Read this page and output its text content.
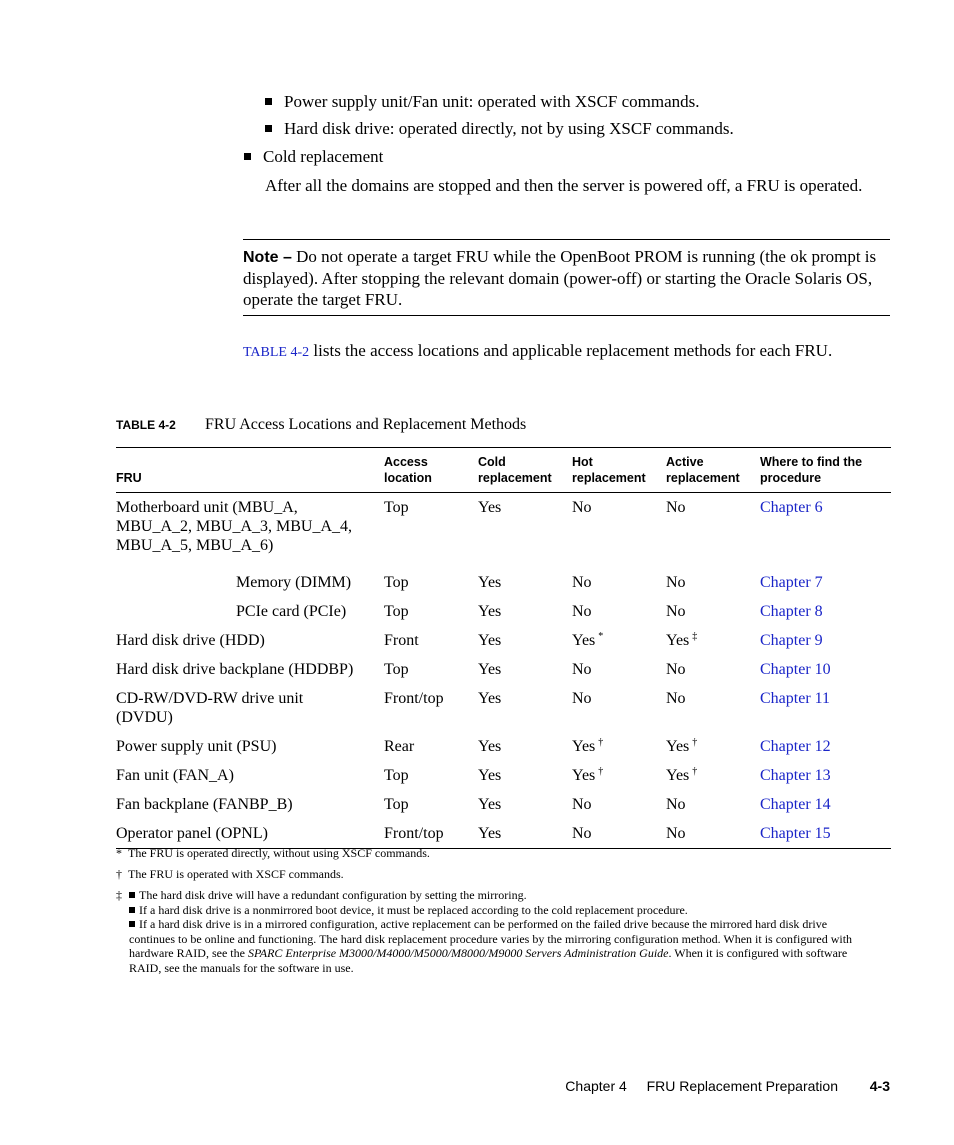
Power supply unit/Fan unit: operated with XSCF commands.
Hard disk drive: operated directly, not by using XSCF commands.
Cold replacement
After all the domains are stopped and then the server is powered off, a FRU is operated.
Note – Do not operate a target FRU while the OpenBoot PROM is running (the ok prompt is displayed). After stopping the relevant domain (power-off) or starting the Oracle Solaris OS, operate the target FRU.
TABLE 4-2 lists the access locations and applicable replacement methods for each FRU.
TABLE 4-2 FRU Access Locations and Replacement Methods
FRU	Access location	Cold replacement	Hot replacement	Active replacement	Where to find the procedure
Motherboard unit (MBU_A, MBU_A_2, MBU_A_3, MBU_A_4, MBU_A_5, MBU_A_6)	Top	Yes	No	No	Chapter 6
Memory (DIMM)	Top	Yes	No	No	Chapter 7
PCIe card (PCIe)	Top	Yes	No	No	Chapter 8
Hard disk drive (HDD)	Front	Yes	Yes *	Yes ‡	Chapter 9
Hard disk drive backplane (HDDBP)	Top	Yes	No	No	Chapter 10
CD-RW/DVD-RW drive unit (DVDU)	Front/top	Yes	No	No	Chapter 11
Power supply unit (PSU)	Rear	Yes	Yes †	Yes †	Chapter 12
Fan unit (FAN_A)	Top	Yes	Yes †	Yes †	Chapter 13
Fan backplane (FANBP_B)	Top	Yes	No	No	Chapter 14
Operator panel (OPNL)	Front/top	Yes	No	No	Chapter 15
* The FRU is operated directly, without using XSCF commands.
† The FRU is operated with XSCF commands.
‡	The hard disk drive will have a redundant configuration by setting the mirroring.
If a hard disk drive is a nonmirrored boot device, it must be replaced according to the cold replacement procedure.
If a hard disk drive is in a mirrored configuration, active replacement can be performed on the failed drive because the mirrored hard disk drive continues to be online and functioning. The hard disk replacement procedure varies by the mirroring configuration method. When it is configured with hardware RAID, see the SPARC Enterprise M3000/M4000/M5000/M8000/M9000 Servers Administration Guide. When it is configured with software RAID, see the manuals for the software in use.
Chapter 4 FRU Replacement Preparation 4-3
